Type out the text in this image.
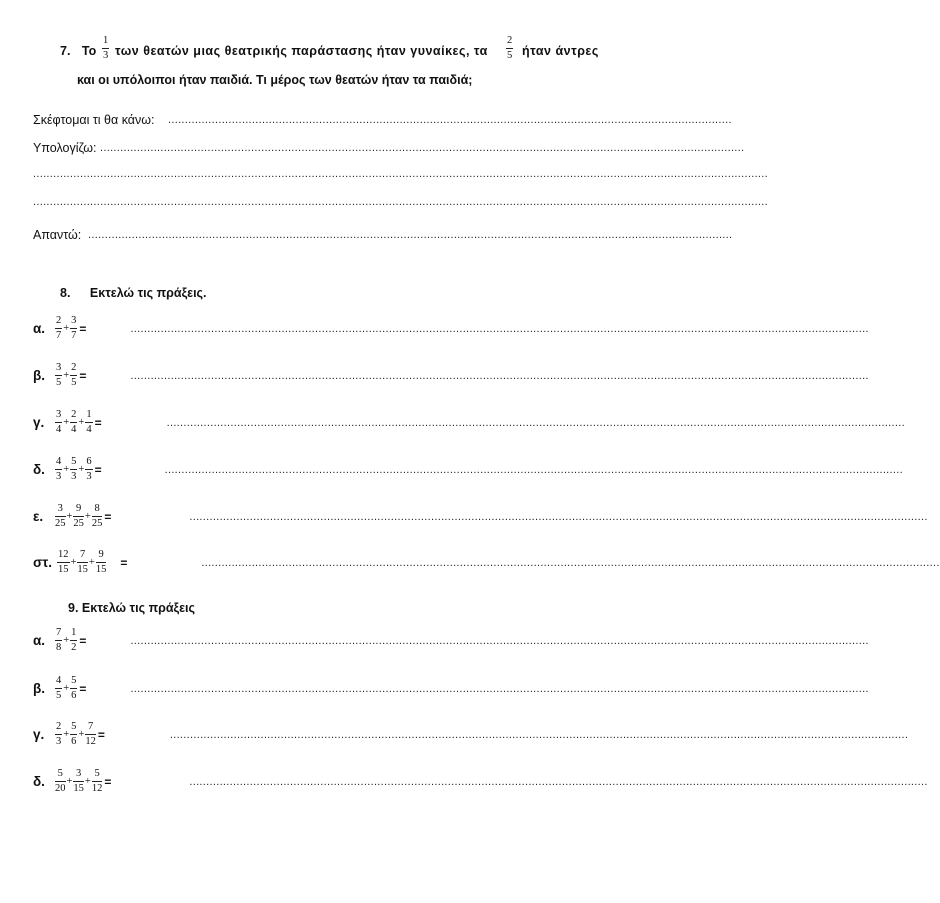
7. Το $\frac{1}{3}$ των θεατών μιας θεατρικής παράστασης ήταν γυναίκες, τα $\frac{2}{5}$ ήταν άντρες
και οι υπόλοιποι ήταν παιδιά. Τι μέρος των θεατών ήταν τα παιδιά;
Σκέφτομαι τι θα κάνω: ........................................................................................................................................................................
Υπολογίζω: ................................................................................................................................................................................................
...........................................................................................................................................................................................................................
...........................................................................................................................................................................................................................
Απαντώ: ................................................................................................................................................................................................
8. Εκτελώ τις πράξεις.
α. $\frac{2}{7} + \frac{3}{7}$ =	............................................................................................................................................................................................................................
β. $\frac{3}{5} + \frac{2}{5}$ =	............................................................................................................................................................................................................................
γ. $\frac{3}{4} + \frac{2}{4} + \frac{1}{4}$ =	............................................................................................................................................................................................................................
δ. $\frac{4}{3} + \frac{5}{3} + \frac{6}{3}$ =	............................................................................................................................................................................................................................
ε. $\frac{3}{25} + \frac{9}{25} + \frac{8}{25}$ =	............................................................................................................................................................................................................................
στ. $\frac{12}{15} + \frac{7}{15} + \frac{9}{15}$ =	............................................................................................................................................................................................................................
9. Εκτελώ τις πράξεις
α. $\frac{7}{8} + \frac{1}{2}$ =	............................................................................................................................................................................................................................
β. $\frac{4}{5} + \frac{5}{6}$ =	............................................................................................................................................................................................................................
γ. $\frac{2}{3} + \frac{5}{6} + \frac{7}{12}$ =	............................................................................................................................................................................................................................
δ. $\frac{5}{20} + \frac{3}{15} + \frac{5}{12}$ =	............................................................................................................................................................................................................................
